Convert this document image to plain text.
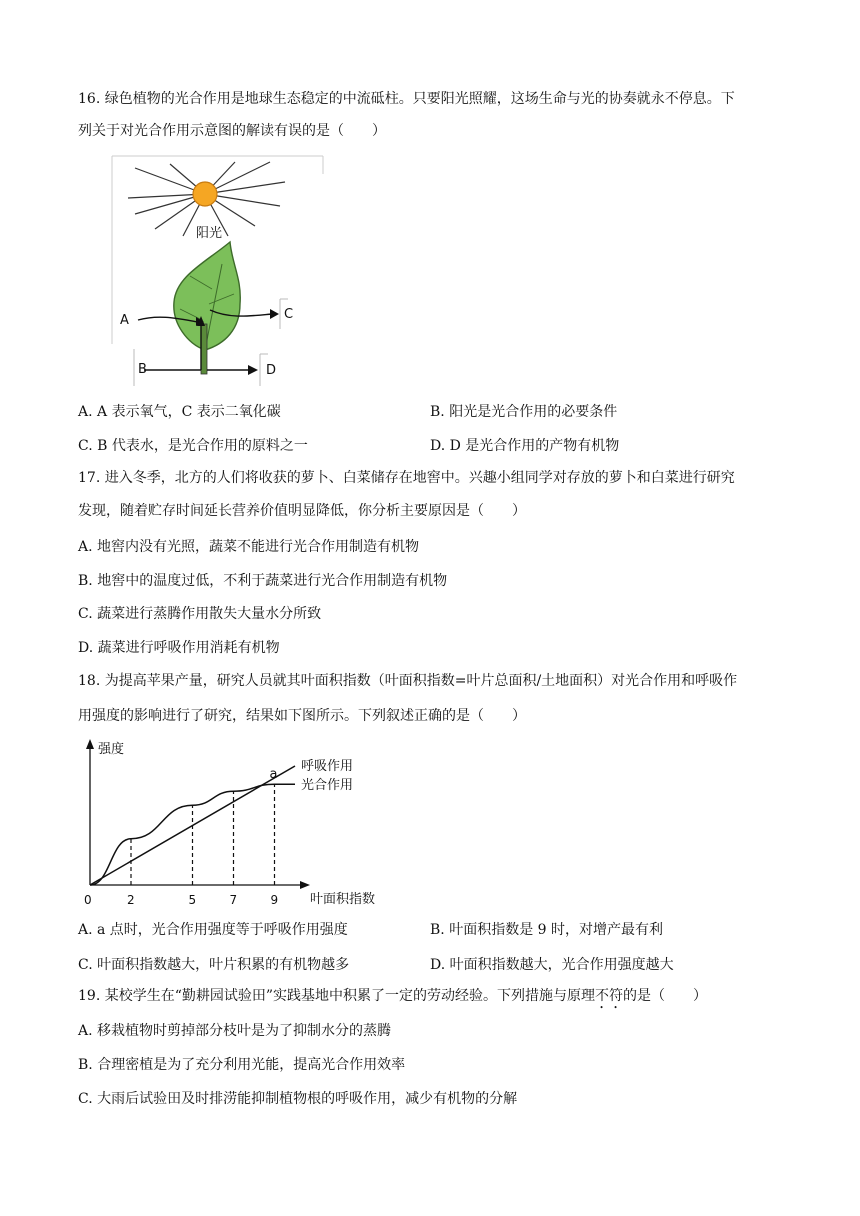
16. 绿色植物的光合作用是地球生态稳定的中流砥柱。只要阳光照耀，这场生命与光的协奏就永不停息。下
列关于对光合作用示意图的解读有误的是（　　）
阳光
A	C
B	D
A. A 表示氧气，C 表示二氧化碳	B. 阳光是光合作用的必要条件
C. B 代表水，是光合作用的原料之一	D. D 是光合作用的产物有机物
17. 进入冬季，北方的人们将收获的萝卜、白菜储存在地窖中。兴趣小组同学对存放的萝卜和白菜进行研究
发现，随着贮存时间延长营养价值明显降低，你分析主要原因是（　　）
A. 地窖内没有光照，蔬菜不能进行光合作用制造有机物
B. 地窖中的温度过低，不利于蔬菜进行光合作用制造有机物
C. 蔬菜进行蒸腾作用散失大量水分所致
D. 蔬菜进行呼吸作用消耗有机物
18. 为提高苹果产量，研究人员就其叶面积指数（叶面积指数=叶片总面积/土地面积）对光合作用和呼吸作
用强度的影响进行了研究，结果如下图所示。下列叙述正确的是（　　）
强度
叶面积指数
0	2	5	7	9
呼吸作用
光合作用
a
A. a 点时，光合作用强度等于呼吸作用强度	B. 叶面积指数是 9 时，对增产最有利
C. 叶面积指数越大，叶片积累的有机物越多	D. 叶面积指数越大，光合作用强度越大
19. 某校学生在“勤耕园试验田”实践基地中积累了一定的劳动经验。下列措施与原理不符的是（　　）
A. 移栽植物时剪掉部分枝叶是为了抑制水分的蒸腾
B. 合理密植是为了充分利用光能，提高光合作用效率
C. 大雨后试验田及时排涝能抑制植物根的呼吸作用，减少有机物的分解
